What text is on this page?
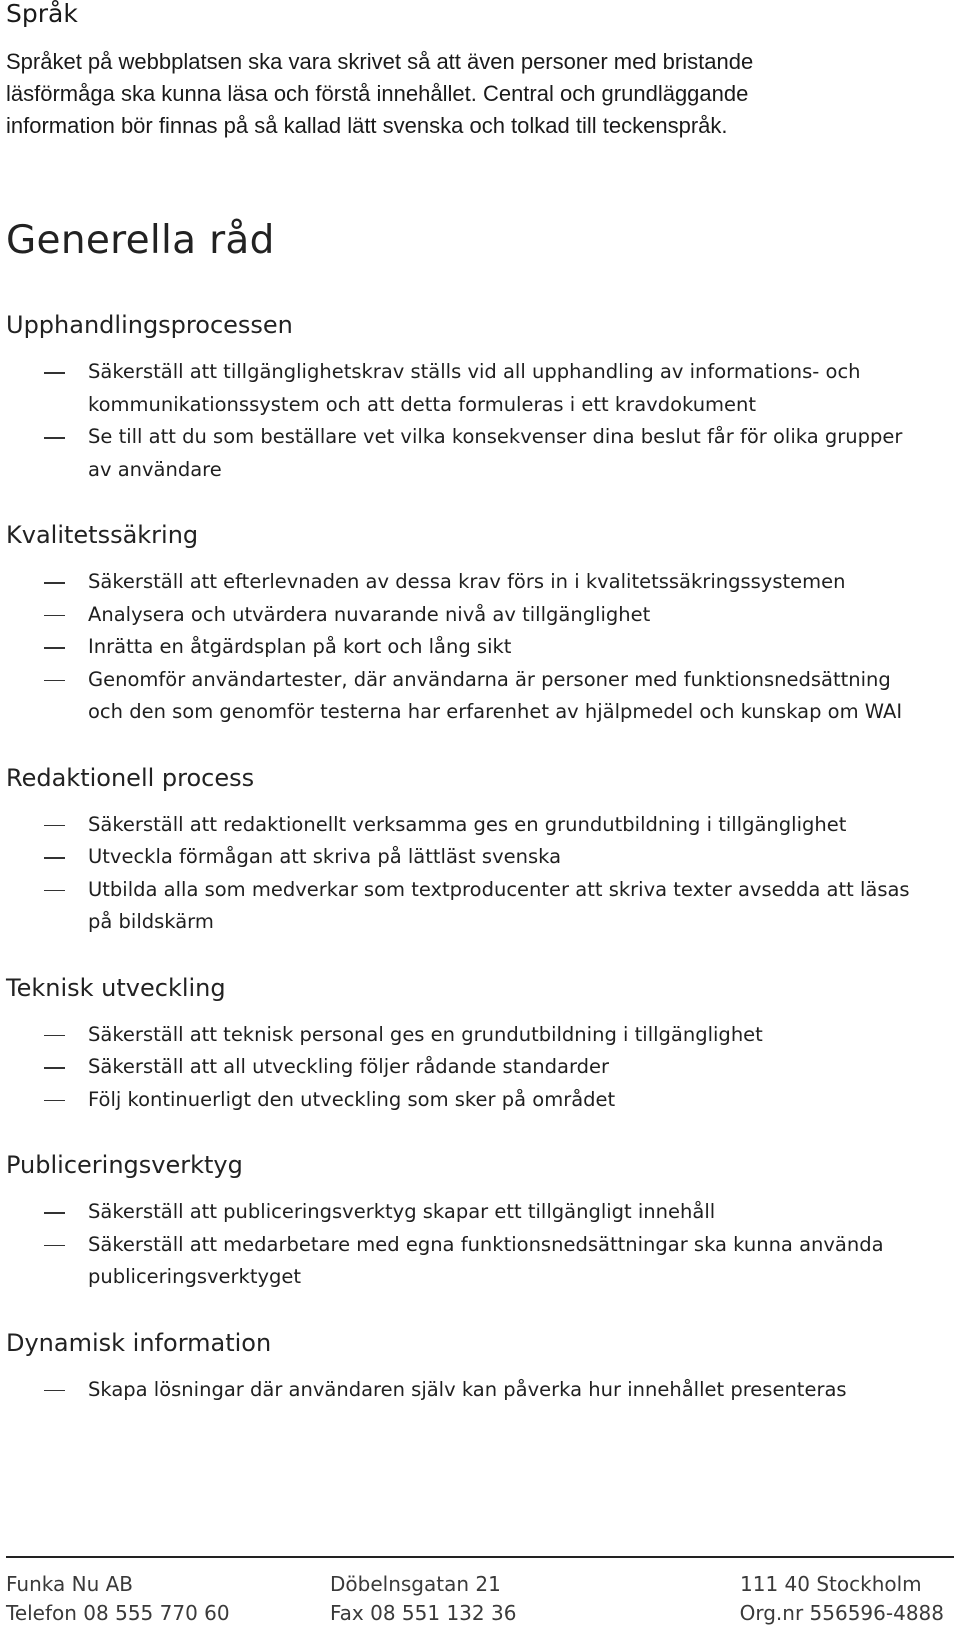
Språk

Språket på webbplatsen ska vara skrivet så att även personer med bristande
läsförmåga ska kunna läsa och förstå innehållet. Central och grundläggande
information bör finnas på så kallad lätt svenska och tolkad till teckenspråk.

Generella råd
Upphandlingsprocessen
Säkerställ att tillgänglighetskrav ställs vid all upphandling av informations- och kommunikationssystem och att detta formuleras i ett kravdokument
Se till att du som beställare vet vilka konsekvenser dina beslut får för olika grupper av användare
Kvalitetssäkring
Säkerställ att efterlevnaden av dessa krav förs in i kvalitetssäkringssystemen
Analysera och utvärdera nuvarande nivå av tillgänglighet
Inrätta en åtgärdsplan på kort och lång sikt
Genomför användartester, där användarna är personer med funktionsnedsättning och den som genomför testerna har erfarenhet av hjälpmedel och kunskap om WAI
Redaktionell process
Säkerställ att redaktionellt verksamma ges en grundutbildning i tillgänglighet
Utveckla förmågan att skriva på lättläst svenska
Utbilda alla som medverkar som textproducenter att skriva texter avsedda att läsas på bildskärm
Teknisk utveckling
Säkerställ att teknisk personal ges en grundutbildning i tillgänglighet
Säkerställ att all utveckling följer rådande standarder
Följ kontinuerligt den utveckling som sker på området
Publiceringsverktyg
Säkerställ att publiceringsverktyg skapar ett tillgängligt innehåll
Säkerställ att medarbetare med egna funktionsnedsättningar ska kunna använda publiceringsverktyget
Dynamisk information
Skapa lösningar där användaren själv kan påverka hur innehållet presenteras
Funka Nu AB	Döbelnsgatan 21	111 40 Stockholm
Telefon 08 555 770 60	Fax 08 551 132 36	Org.nr 556596-4888
